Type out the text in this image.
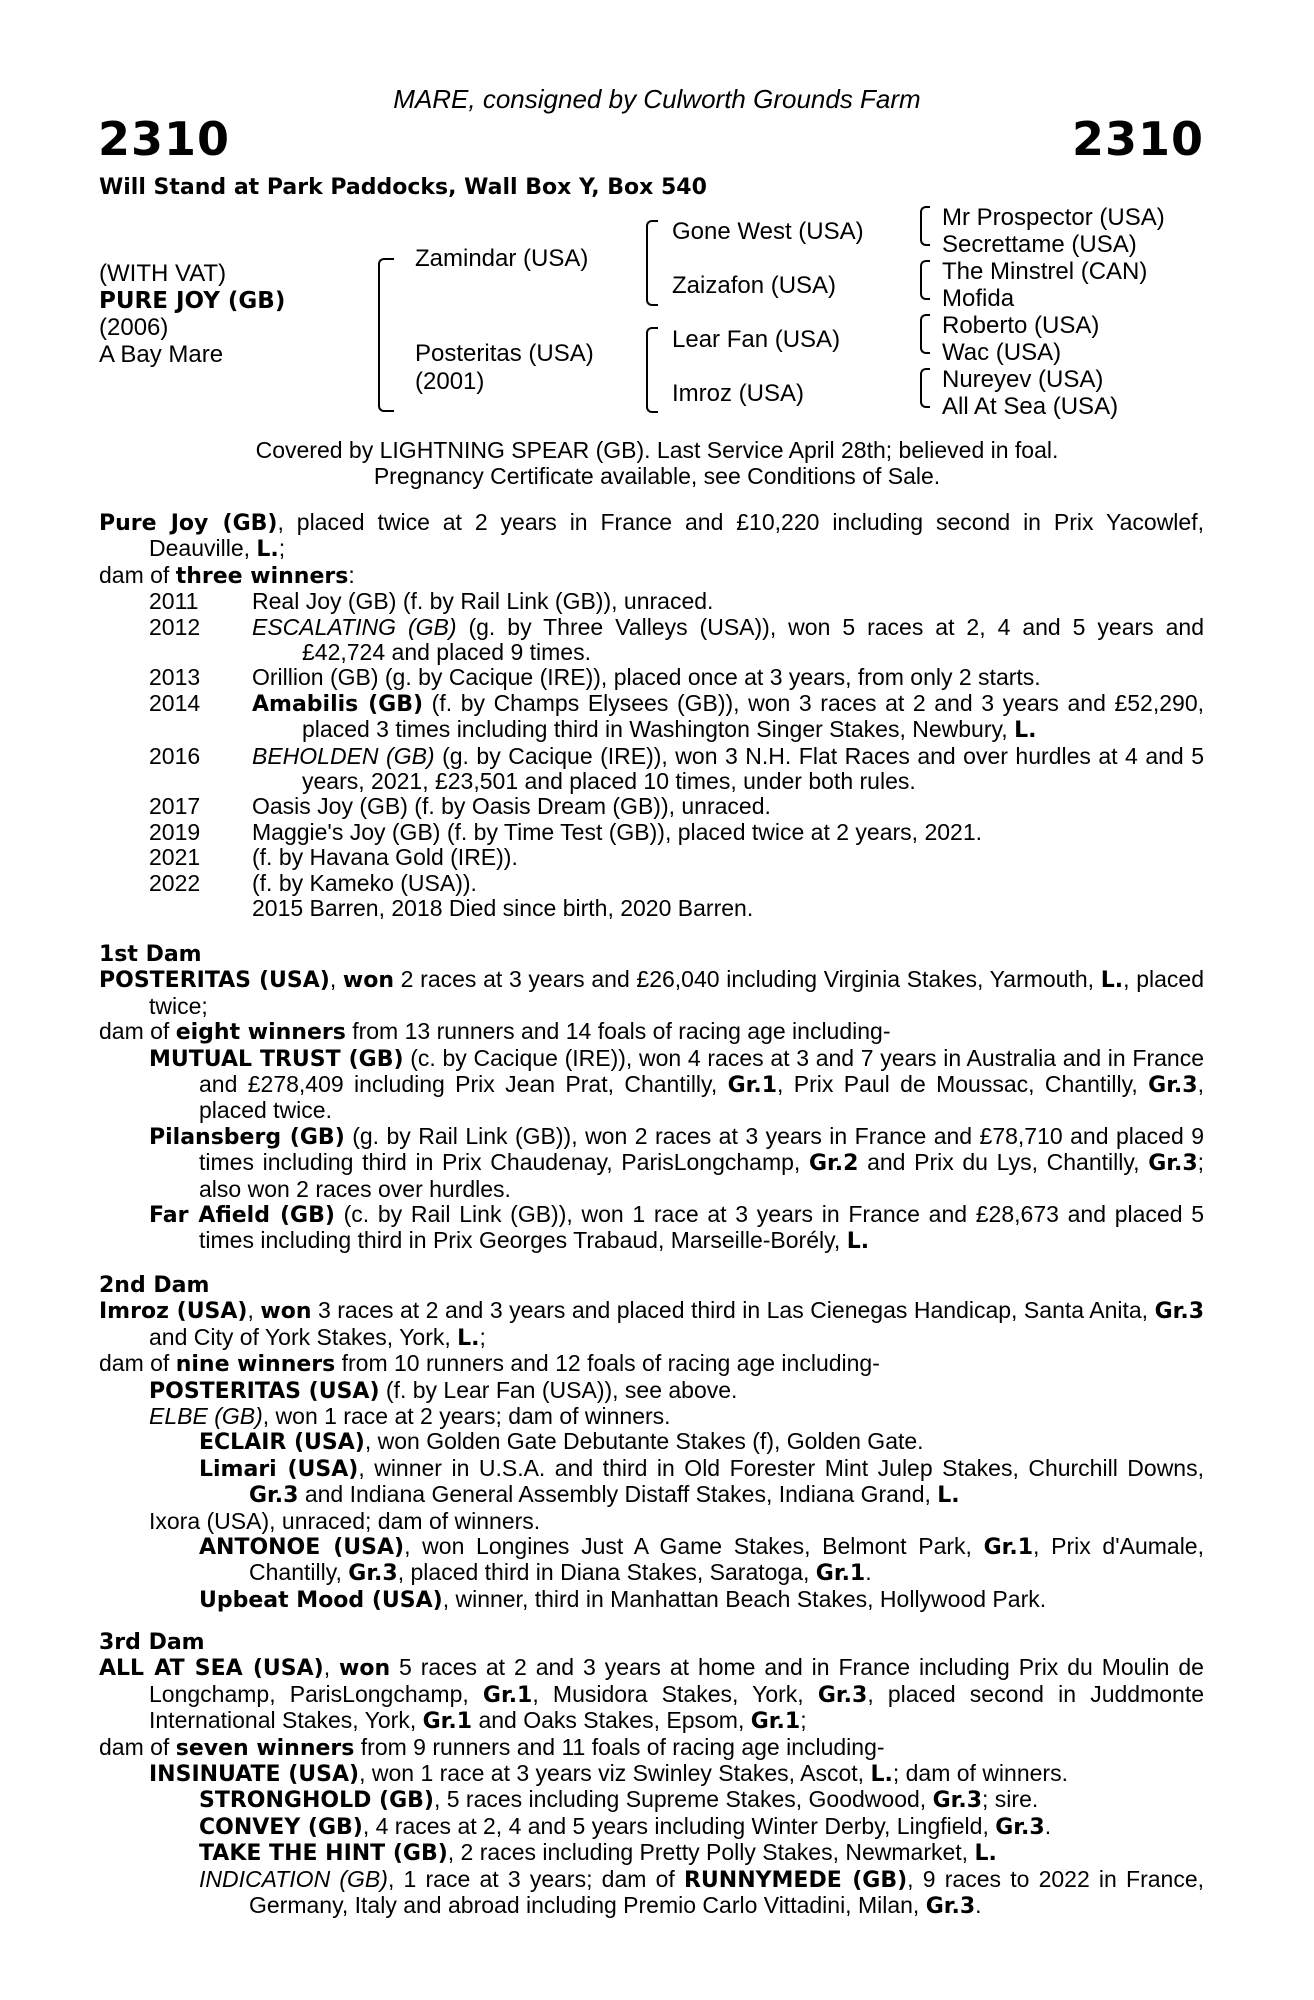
MARE, consigned by Culworth Grounds Farm
2310	2310
Will Stand at Park Paddocks, Wall Box Y, Box 540
(WITH VAT)
PURE JOY (GB)
(2006)
A Bay Mare
Zamindar (USA)
Posteritas (USA)
(2001)
Gone West (USA)
Zaizafon (USA)
Lear Fan (USA)
Imroz (USA)
Mr Prospector (USA)
Secrettame (USA)
The Minstrel (CAN)
Mofida
Roberto (USA)
Wac (USA)
Nureyev (USA)
All At Sea (USA)
Covered by LIGHTNING SPEAR (GB). Last Service April 28th; believed in foal.
Pregnancy Certificate available, see Conditions of Sale.

Pure Joy (GB), placed twice at 2 years in France and £10,220 including second in Prix Yacowlef, Deauville, L.;

dam of three winners:

2011	Real Joy (GB) (f. by Rail Link (GB)), unraced.
2012	ESCALATING (GB) (g. by Three Valleys (USA)), won 5 races at 2, 4 and 5 years and £42,724 and placed 9 times.
2013	Orillion (GB) (g. by Cacique (IRE)), placed once at 3 years, from only 2 starts.
2014	Amabilis (GB) (f. by Champs Elysees (GB)), won 3 races at 2 and 3 years and £52,290, placed 3 times including third in Washington Singer Stakes, Newbury, L.
2016	BEHOLDEN (GB) (g. by Cacique (IRE)), won 3 N.H. Flat Races and over hurdles at 4 and 5 years, 2021, £23,501 and placed 10 times, under both rules.
2017	Oasis Joy (GB) (f. by Oasis Dream (GB)), unraced.
2019	Maggie's Joy (GB) (f. by Time Test (GB)), placed twice at 2 years, 2021.
2021	(f. by Havana Gold (IRE)).
2022	(f. by Kameko (USA)).
2015 Barren, 2018 Died since birth, 2020 Barren.

1st Dam

POSTERITAS (USA), won 2 races at 3 years and £26,040 including Virginia Stakes, Yarmouth, L., placed twice;

dam of eight winners from 13 runners and 14 foals of racing age including-

MUTUAL TRUST (GB) (c. by Cacique (IRE)), won 4 races at 3 and 7 years in Australia and in France and £278,409 including Prix Jean Prat, Chantilly, Gr.1, Prix Paul de Moussac, Chantilly, Gr.3, placed twice.

Pilansberg (GB) (g. by Rail Link (GB)), won 2 races at 3 years in France and £78,710 and placed 9 times including third in Prix Chaudenay, ParisLongchamp, Gr.2 and Prix du Lys, Chantilly, Gr.3; also won 2 races over hurdles.

Far Afield (GB) (c. by Rail Link (GB)), won 1 race at 3 years in France and £28,673 and placed 5 times including third in Prix Georges Trabaud, Marseille-Borély, L.

2nd Dam

Imroz (USA), won 3 races at 2 and 3 years and placed third in Las Cienegas Handicap, Santa Anita, Gr.3 and City of York Stakes, York, L.;

dam of nine winners from 10 runners and 12 foals of racing age including-

POSTERITAS (USA) (f. by Lear Fan (USA)), see above.

ELBE (GB), won 1 race at 2 years; dam of winners.

ECLAIR (USA), won Golden Gate Debutante Stakes (f), Golden Gate.

Limari (USA), winner in U.S.A. and third in Old Forester Mint Julep Stakes, Churchill Downs, Gr.3 and Indiana General Assembly Distaff Stakes, Indiana Grand, L.

Ixora (USA), unraced; dam of winners.

ANTONOE (USA), won Longines Just A Game Stakes, Belmont Park, Gr.1, Prix d'Aumale, Chantilly, Gr.3, placed third in Diana Stakes, Saratoga, Gr.1.

Upbeat Mood (USA), winner, third in Manhattan Beach Stakes, Hollywood Park.

3rd Dam

ALL AT SEA (USA), won 5 races at 2 and 3 years at home and in France including Prix du Moulin de Longchamp, ParisLongchamp, Gr.1, Musidora Stakes, York, Gr.3, placed second in Juddmonte International Stakes, York, Gr.1 and Oaks Stakes, Epsom, Gr.1;

dam of seven winners from 9 runners and 11 foals of racing age including-

INSINUATE (USA), won 1 race at 3 years viz Swinley Stakes, Ascot, L.; dam of winners.

STRONGHOLD (GB), 5 races including Supreme Stakes, Goodwood, Gr.3; sire.

CONVEY (GB), 4 races at 2, 4 and 5 years including Winter Derby, Lingfield, Gr.3.

TAKE THE HINT (GB), 2 races including Pretty Polly Stakes, Newmarket, L.

INDICATION (GB), 1 race at 3 years; dam of RUNNYMEDE (GB), 9 races to 2022 in France, Germany, Italy and abroad including Premio Carlo Vittadini, Milan, Gr.3.
